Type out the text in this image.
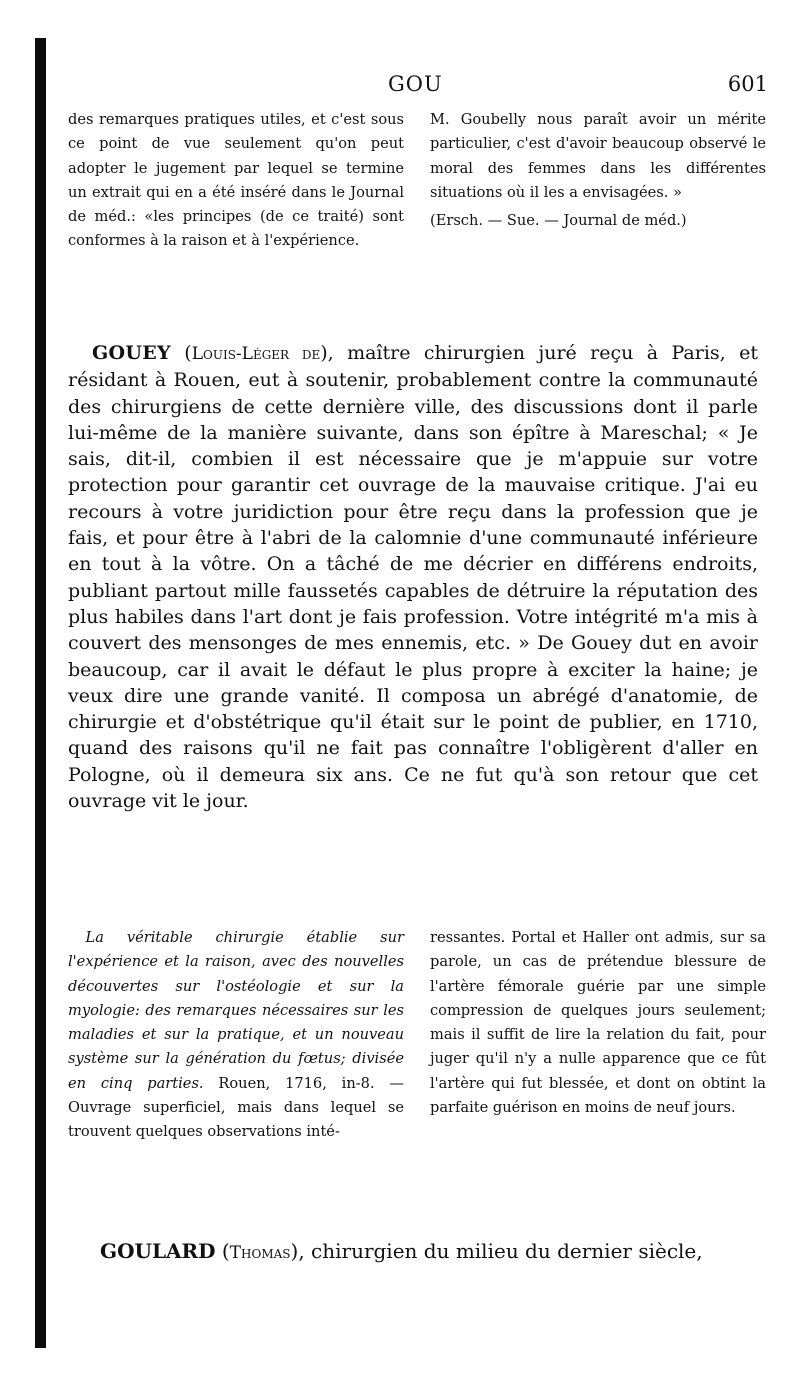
GOU	601

des remarques pratiques utiles, et c'est sous ce point de vue seulement qu'on peut adopter le jugement par lequel se termine un extrait qui en a été inséré dans le Journal de méd.: «les principes (de ce traité) sont conformes à la raison et à l'expérience.

M. Goubelly nous paraît avoir un mérite particulier, c'est d'avoir beaucoup observé le moral des femmes dans les différentes situations où il les a envisagées. »

(Ersch. — Sue. — Journal de méd.)

GOUEY (Louis-Léger de), maître chirurgien juré reçu à Paris, et résidant à Rouen, eut à soutenir, probablement contre la communauté des chirurgiens de cette dernière ville, des discussions dont il parle lui-même de la manière suivante, dans son épître à Mareschal; « Je sais, dit-il, combien il est nécessaire que je m'appuie sur votre protection pour garantir cet ouvrage de la mauvaise critique. J'ai eu recours à votre juridiction pour être reçu dans la profession que je fais, et pour être à l'abri de la calomnie d'une communauté inférieure en tout à la vôtre. On a tâché de me décrier en différens endroits, publiant partout mille faussetés capables de détruire la réputation des plus habiles dans l'art dont je fais profession. Votre intégrité m'a mis à couvert des mensonges de mes ennemis, etc. » De Gouey dut en avoir beaucoup, car il avait le défaut le plus propre à exciter la haine; je veux dire une grande vanité. Il composa un abrégé d'anatomie, de chirurgie et d'obstétrique qu'il était sur le point de publier, en 1710, quand des raisons qu'il ne fait pas connaître l'obligèrent d'aller en Pologne, où il demeura six ans. Ce ne fut qu'à son retour que cet ouvrage vit le jour.

La véritable chirurgie établie sur l'expérience et la raison, avec des nouvelles découvertes sur l'ostéologie et sur la myologie: des remarques nécessaires sur les maladies et sur la pratique, et un nouveau système sur la génération du fœtus; divisée en cinq parties. Rouen, 1716, in-8. — Ouvrage superficiel, mais dans lequel se trouvent quelques observations inté-

ressantes. Portal et Haller ont admis, sur sa parole, un cas de prétendue blessure de l'artère fémorale guérie par une simple compression de quelques jours seulement; mais il suffit de lire la relation du fait, pour juger qu'il n'y a nulle apparence que ce fût l'artère qui fut blessée, et dont on obtint la parfaite guérison en moins de neuf jours.

GOULARD (Thomas), chirurgien du milieu du dernier siècle,
